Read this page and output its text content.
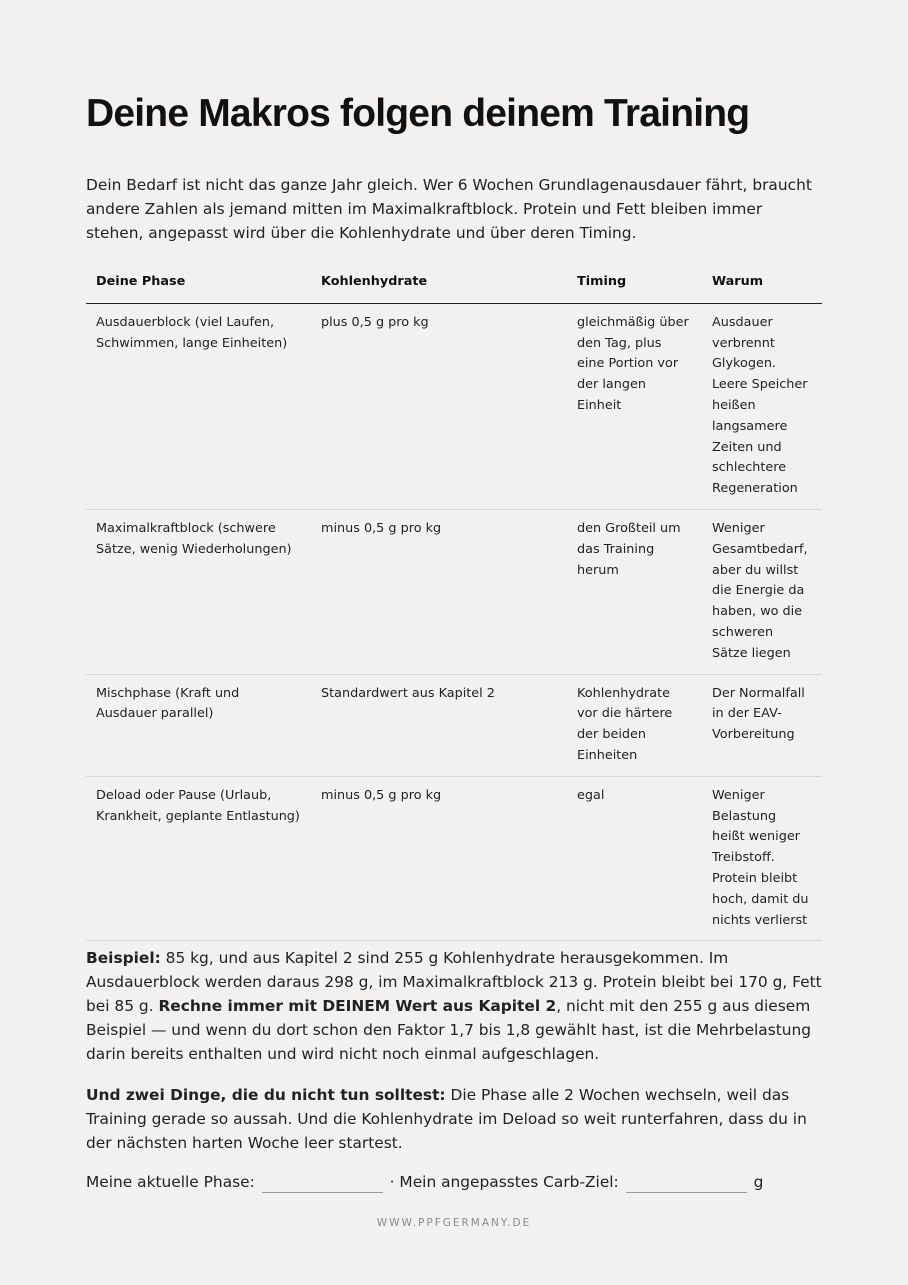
Deine Makros folgen deinem Training

Dein Bedarf ist nicht das ganze Jahr gleich. Wer 6 Wochen Grundlagenausdauer fährt, braucht andere Zahlen als jemand mitten im Maximalkraftblock. Protein und Fett bleiben immer stehen, angepasst wird über die Kohlenhydrate und über deren Timing.

Deine Phase	Kohlenhydrate	Timing	Warum
Ausdauerblock (viel Laufen, Schwimmen, lange Einheiten)	plus 0,5 g pro kg	gleichmäßig über den Tag, plus eine Portion vor der langen Einheit	Ausdauer verbrennt Glykogen. Leere Speicher heißen langsamere Zeiten und schlechtere Regeneration
Maximalkraftblock (schwere Sätze, wenig Wiederholungen)	minus 0,5 g pro kg	den Großteil um das Training herum	Weniger Gesamtbedarf, aber du willst die Energie da haben, wo die schweren Sätze liegen
Mischphase (Kraft und Ausdauer parallel)	Standardwert aus Kapitel 2	Kohlenhydrate vor die härtere der beiden Einheiten	Der Normalfall in der EAV-Vorbereitung
Deload oder Pause (Urlaub, Krankheit, geplante Entlastung)	minus 0,5 g pro kg	egal	Weniger Belastung heißt weniger Treibstoff. Protein bleibt hoch, damit du nichts verlierst

Beispiel: 85 kg, und aus Kapitel 2 sind 255 g Kohlenhydrate herausgekommen. Im Ausdauerblock werden daraus 298 g, im Maximalkraftblock 213 g. Protein bleibt bei 170 g, Fett bei 85 g. Rechne immer mit DEINEM Wert aus Kapitel 2, nicht mit den 255 g aus diesem Beispiel — und wenn du dort schon den Faktor 1,7 bis 1,8 gewählt hast, ist die Mehrbelastung darin bereits enthalten und wird nicht noch einmal aufgeschlagen.

Und zwei Dinge, die du nicht tun solltest: Die Phase alle 2 Wochen wechseln, weil das Training gerade so aussah. Und die Kohlenhydrate im Deload so weit runterfahren, dass du in der nächsten harten Woche leer startest.

Meine aktuelle Phase:	· Mein angepasstes Carb-Ziel:	g
WWW.PPFGERMANY.DE
